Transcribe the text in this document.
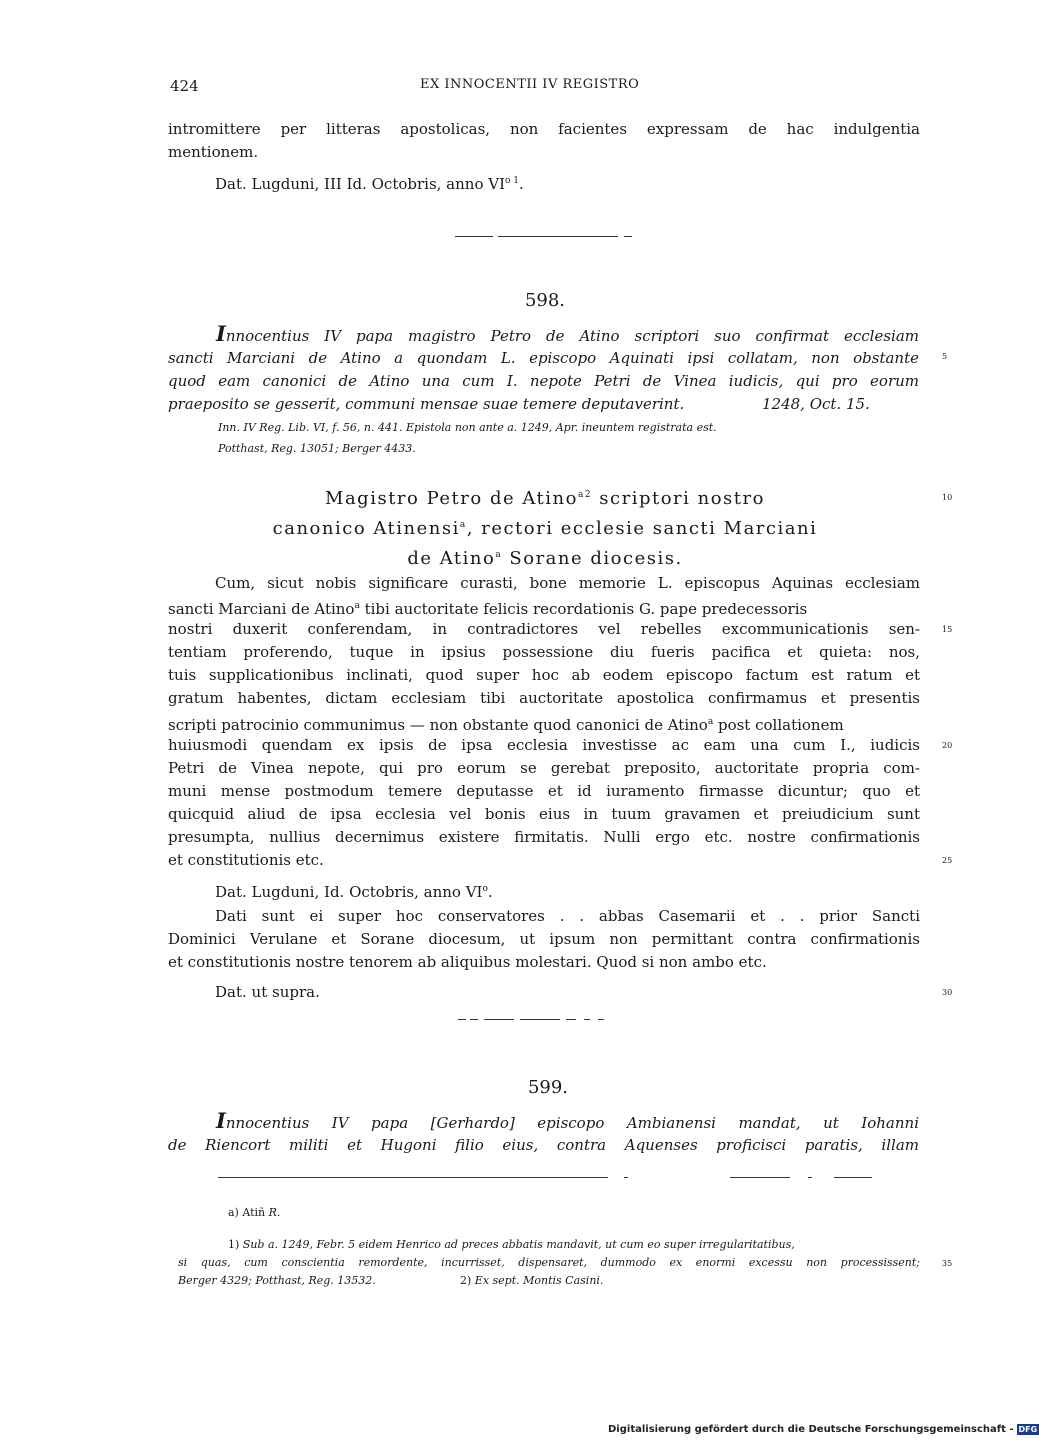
424	EX INNOCENTII IV REGISTRO
intromittere per litteras apostolicas, non facientes expressam de hac indulgentia
mentionem.
Dat. Lugduni, III Id. Octobris, anno $VI^{o 1}$.
598.
Innocentius IV papa magistro Petro de Atino scriptori suo confirmat ecclesiam
sancti Marciani de Atino a quondam L. episcopo Aquinati ipsi collatam, non obstante
quod eam canonici de Atino una cum I. nepote Petri de Vinea iudicis, qui pro eorum
praeposito se gesserit, communi mensae suae temere deputaverint.	1248, Oct. 15.
Inn. IV Reg. Lib. VI, f. 56, n. 441. Epistola non ante a. 1249, Apr. ineuntem registrata est.
Potthast, Reg. 13051; Berger 4433.
Magistro Petro de Atino$^{a2}$ scriptori nostro
canonico Atinensi$^a$, rectori ecclesie sancti Marciani
de Atino$^a$ Sorane diocesis.
Cum, sicut nobis significare curasti, bone memorie L. episcopus Aquinas ecclesiam
sancti Marciani de Atino$^a$ tibi auctoritate felicis recordationis G. pape predecessoris
nostri duxerit conferendam, in contradictores vel rebelles excommunicationis sen-
tentiam proferendo, tuque in ipsius possessione diu fueris pacifica et quieta: nos,
tuis supplicationibus inclinati, quod super hoc ab eodem episcopo factum est ratum et
gratum habentes, dictam ecclesiam tibi auctoritate apostolica confirmamus et presentis
scripti patrocinio communimus — non obstante quod canonici de Atino$^a$ post collationem
huiusmodi quendam ex ipsis de ipsa ecclesia investisse ac eam una cum I., iudicis
Petri de Vinea nepote, qui pro eorum se gerebat preposito, auctoritate propria com-
muni mense postmodum temere deputasse et id iuramento firmasse dicuntur; quo et
quicquid aliud de ipsa ecclesia vel bonis eius in tuum gravamen et preiudicium sunt
presumpta, nullius decernimus existere firmitatis. Nulli ergo etc. nostre confirmationis
et constitutionis etc.
Dat. Lugduni, Id. Octobris, anno $VI^o$.
Dati sunt ei super hoc conservatores . . abbas Casemarii et . . prior Sancti
Dominici Verulane et Sorane diocesum, ut ipsum non permittant contra confirmationis
et constitutionis nostre tenorem ab aliquibus molestari. Quod si non ambo etc.
Dat. ut supra.
599.
Innocentius IV papa [Gerhardo] episcopo Ambianensi mandat, ut Iohanni
de Riencort militi et Hugoni filio eius, contra Aquenses proficisci paratis, illam
5
10
15
20
25
30
35
a) Atiñ R.
1) Sub a. 1249, Febr. 5 eidem Henrico ad preces abbatis mandavit, ut cum eo super irregularitatibus,
si quas, cum conscientia remordente, incurrisset, dispensaret, dummodo ex enormi excessu non processissent;
Berger 4329; Potthast, Reg. 13532.	2) Ex sept. Montis Casini.
Digitalisierung gefördert durch die Deutsche Forschungsgemeinschaft - DFG
